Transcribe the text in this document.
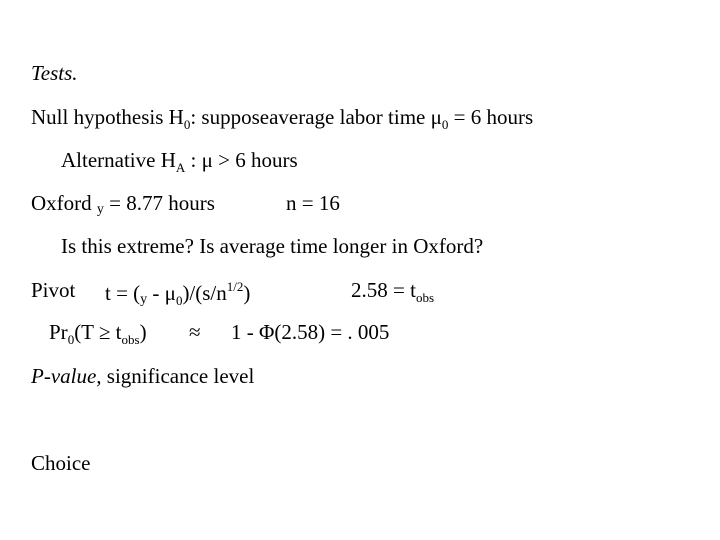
Tests.
Null hypothesis $H_0$: supposeaverage labor time $\mu_0 = 6$ hours
Alternative $H_A$ : μ > 6 hours
Oxford y = 8.77 hours	n = 16
Is this extreme? Is average time longer in Oxford?
Pivot $t = (y - \mu_0)/(s/n^{1/2})$	$2.58 = t_{obs}$
$Pr_0(T \ge t_{obs}) \approx 1 - \Phi(2.58)$ = . 005
P-value, significance level
Choice
